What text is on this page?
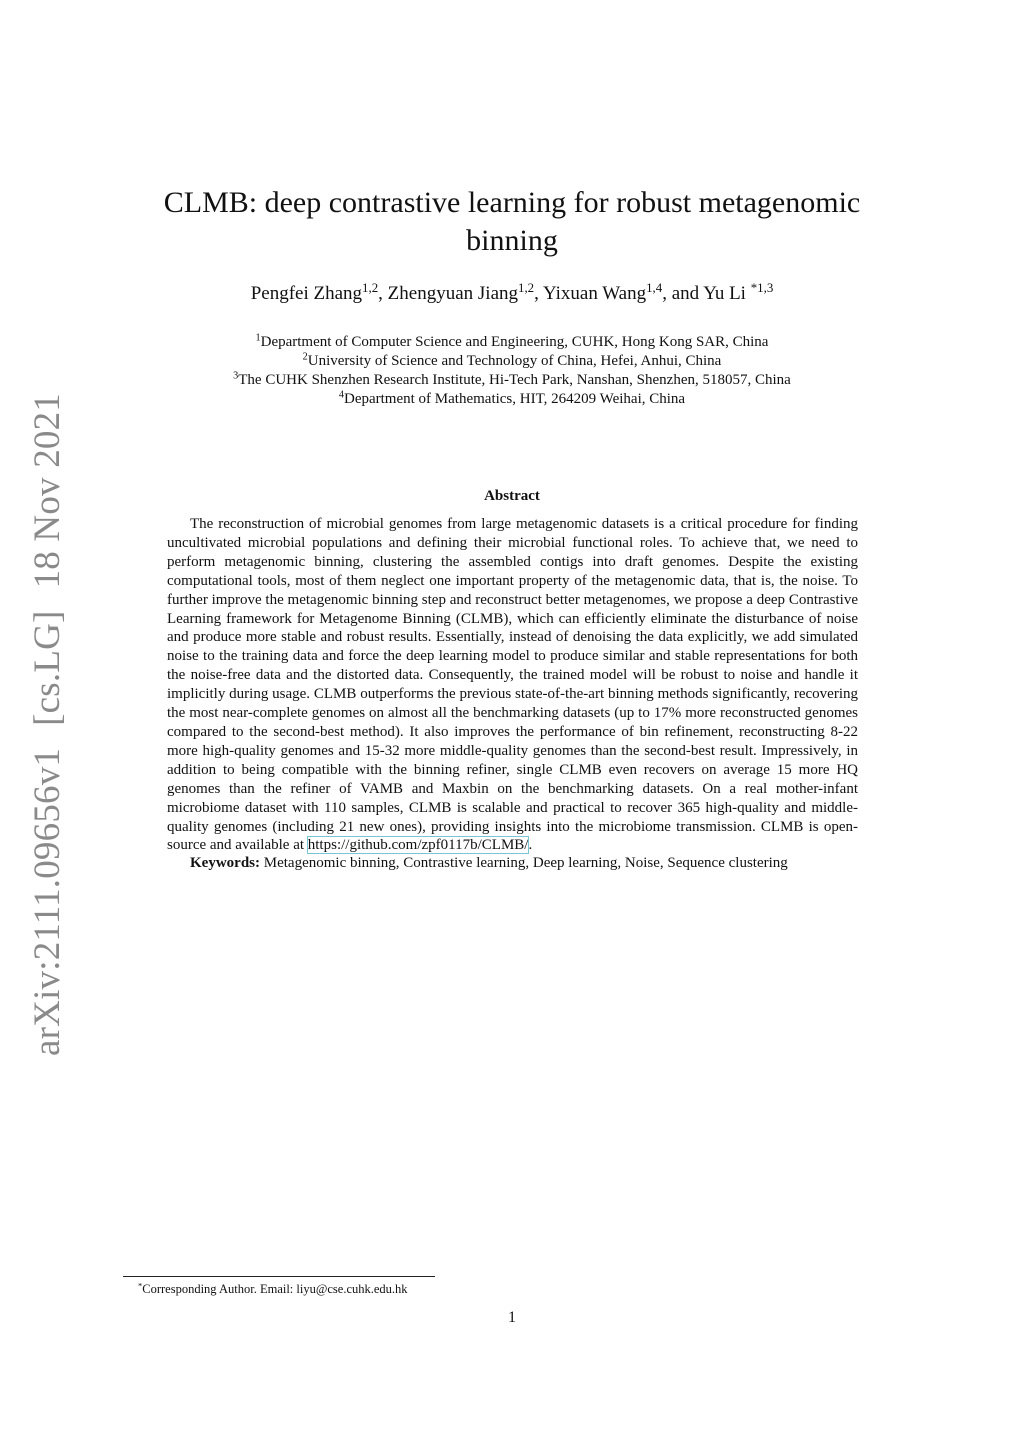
arXiv:2111.09656v1[cs.LG]18 Nov 2021
CLMB: deep contrastive learning for robust metagenomic binning
Pengfei Zhang$^{1,2}$, Zhengyuan Jiang$^{1,2}$, Yixuan Wang$^{1,4}$, and Yu Li $^{*1,3}$
$^1$Department of Computer Science and Engineering, CUHK, Hong Kong SAR, China
$^2$University of Science and Technology of China, Hefei, Anhui, China
$^3$The CUHK Shenzhen Research Institute, Hi-Tech Park, Nanshan, Shenzhen, 518057, China
$^4$Department of Mathematics, HIT, 264209 Weihai, China
Abstract

The reconstruction of microbial genomes from large metagenomic datasets is a critical procedure for finding uncultivated microbial populations and defining their microbial functional roles. To achieve that, we need to perform metagenomic binning, clustering the assembled contigs into draft genomes. Despite the existing computational tools, most of them neglect one important property of the metagenomic data, that is, the noise. To further improve the metagenomic binning step and reconstruct better metagenomes, we propose a deep Contrastive Learning framework for Metagenome Binning (CLMB), which can efficiently eliminate the disturbance of noise and produce more stable and robust results. Essentially, instead of denoising the data explicitly, we add simulated noise to the training data and force the deep learning model to produce similar and stable representations for both the noise-free data and the distorted data. Consequently, the trained model will be robust to noise and handle it implicitly during usage. CLMB outperforms the previous state-of-the-art binning methods significantly, recovering the most near-complete genomes on almost all the benchmarking datasets (up to 17% more reconstructed genomes compared to the second-best method). It also improves the performance of bin refinement, reconstructing 8-22 more high-quality genomes and 15-32 more middle-quality genomes than the second-best result. Impressively, in addition to being compatible with the binning refiner, single CLMB even recovers on average 15 more HQ genomes than the refiner of VAMB and Maxbin on the benchmarking datasets. On a real mother-infant microbiome dataset with 110 samples, CLMB is scalable and practical to recover 365 high-quality and middle-quality genomes (including 21 new ones), providing insights into the microbiome transmission. CLMB is open-source and available at https://github.com/zpf0117b/CLMB/.

Keywords: Metagenomic binning, Contrastive learning, Deep learning, Noise, Sequence clustering
*Corresponding Author. Email: liyu@cse.cuhk.edu.hk
1
